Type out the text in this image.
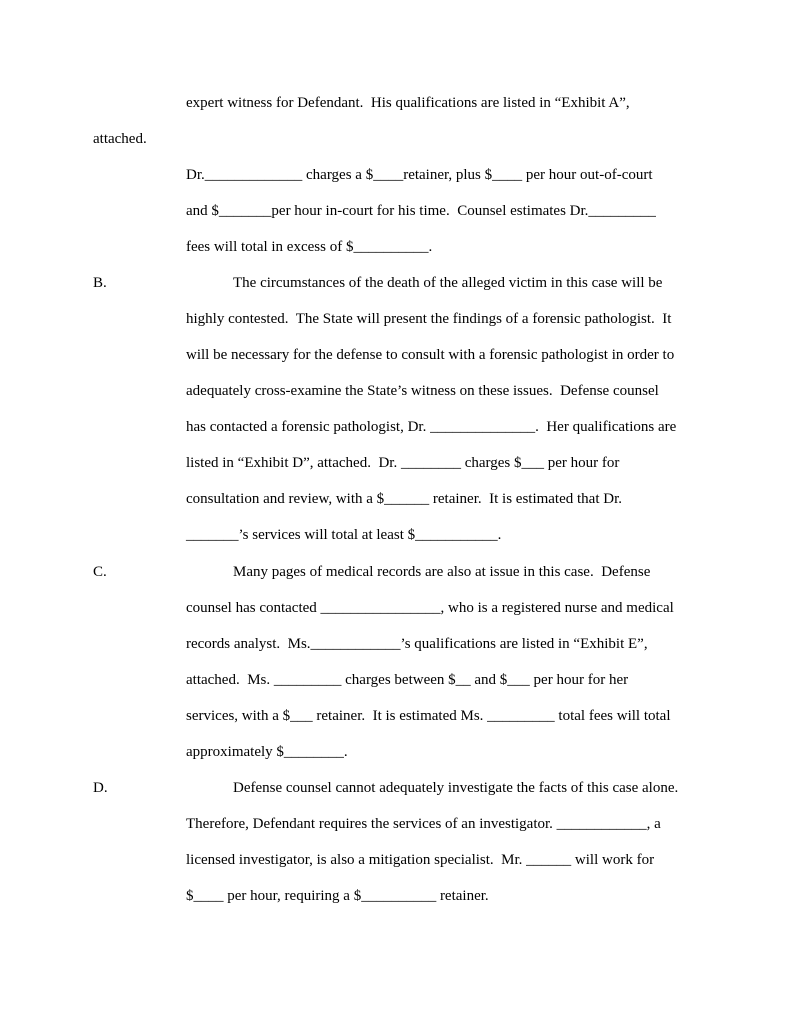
expert witness for Defendant.  His qualifications are listed in “Exhibit A”,
attached.
Dr._____________ charges a $____retainer, plus $____ per hour out-of-court
and $_______per hour in-court for his time.  Counsel estimates Dr._________
fees will total in excess of $__________.
B.	The circumstances of the death of the alleged victim in this case will be
highly contested.  The State will present the findings of a forensic pathologist.  It
will be necessary for the defense to consult with a forensic pathologist in order to
adequately cross-examine the State’s witness on these issues.  Defense counsel
has contacted a forensic pathologist, Dr. ______________.  Her qualifications are
listed in “Exhibit D”, attached.  Dr. ________ charges $___ per hour for
consultation and review, with a $______ retainer.  It is estimated that Dr.
_______’s services will total at least $___________.
C.	Many pages of medical records are also at issue in this case.  Defense
counsel has contacted ________________, who is a registered nurse and medical
records analyst.  Ms.____________’s qualifications are listed in “Exhibit E”,
attached.  Ms. _________ charges between $__ and $___ per hour for her
services, with a $___ retainer.  It is estimated Ms. _________ total fees will total
approximately $________.
D.	Defense counsel cannot adequately investigate the facts of this case alone.
Therefore, Defendant requires the services of an investigator. ____________, a
licensed investigator, is also a mitigation specialist.  Mr. ______ will work for
$____ per hour, requiring a $__________ retainer.
